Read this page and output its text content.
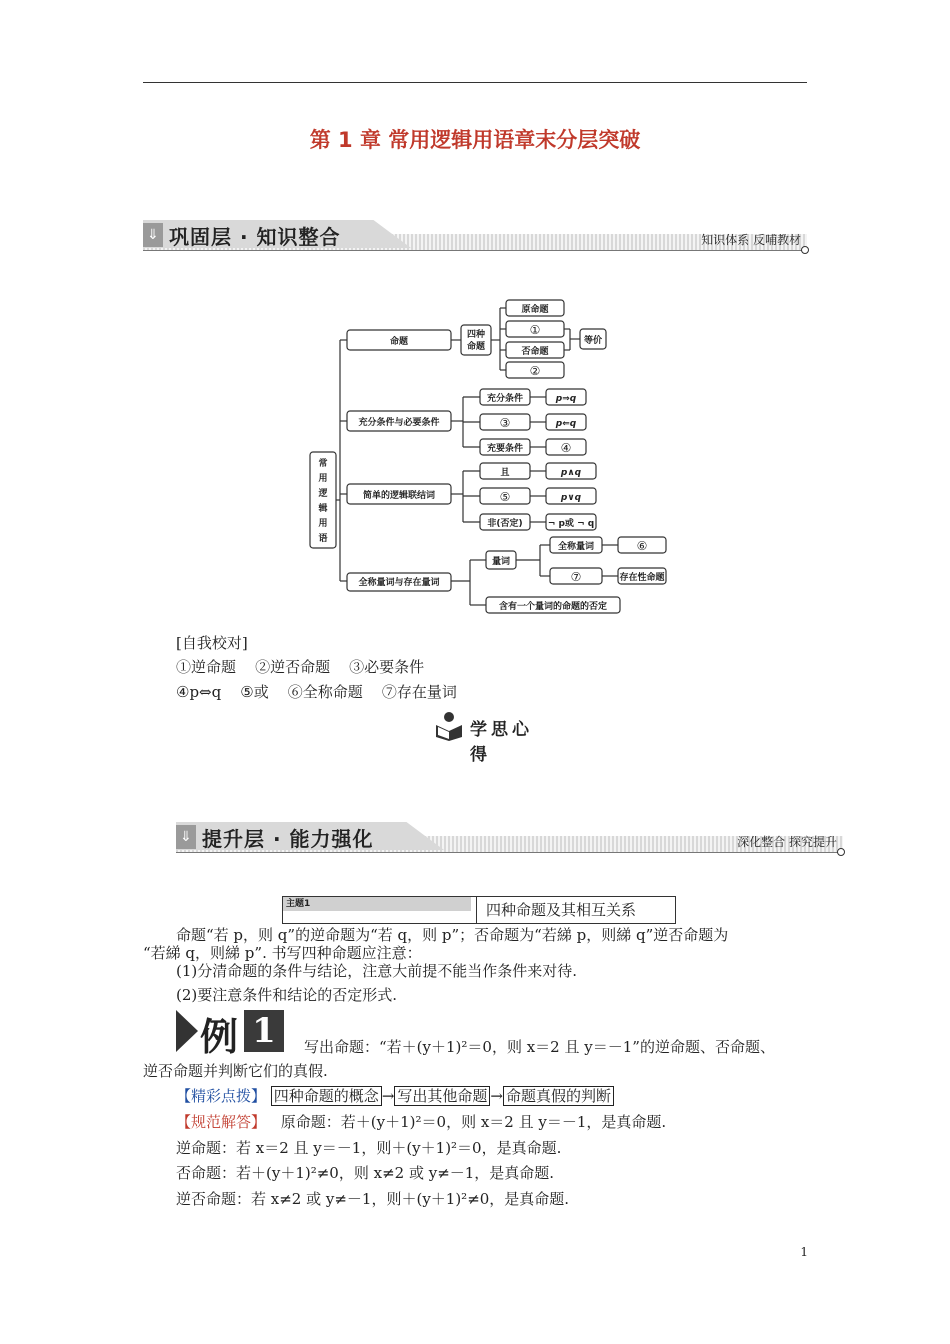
第 1 章 常用逻辑用语章末分层突破
⇓ 巩固层 · 知识整合	知识体系 反哺教材
常
用
逻
辑
用
语
命题
四种
命题
原命题
①
否命题
②
等价
充分条件与必要条件
充分条件	p⇒q
③	p⇐q
充要条件	④
简单的逻辑联结词
且	p∧q
⑤	p∨q
非(否定)	¬ p或 ¬ q
全称量词与存在量词
量词
全称量词	⑥
⑦	存在性命题
含有一个量词的命题的否定
[自我校对]
①逆命题    ②逆否命题    ③必要条件
④p⇔q    ⑤或    ⑥全称命题    ⑦存在量词
学思心得
⇓ 提升层 · 能力强化	深化整合 探究提升
主题1	四种命题及其相互关系
命题“若 p，则 q”的逆命题为“若 q，则 p”；否命题为“若綈 p，则綈 q”逆否命题为
“若綈 q，则綈 p”. 书写四种命题应注意：
(1)分清命题的条件与结论，注意大前提不能当作条件来对待.
(2)要注意条件和结论的否定形式.
例 1	写出命题：“若＋(y＋1)²＝0，则 x＝2 且 y＝－1”的逆命题、否命题、
逆否命题并判断它们的真假.
【精彩点拨】 四种命题的概念 → 写出其他命题 → 命题真假的判断
【规范解答】 原命题：若＋(y＋1)²＝0，则 x＝2 且 y＝－1，是真命题.
逆命题：若 x＝2 且 y＝－1，则＋(y＋1)²＝0，是真命题.
否命题：若＋(y＋1)²≠0，则 x≠2 或 y≠－1，是真命题.
逆否命题：若 x≠2 或 y≠－1，则＋(y＋1)²≠0，是真命题.
1
